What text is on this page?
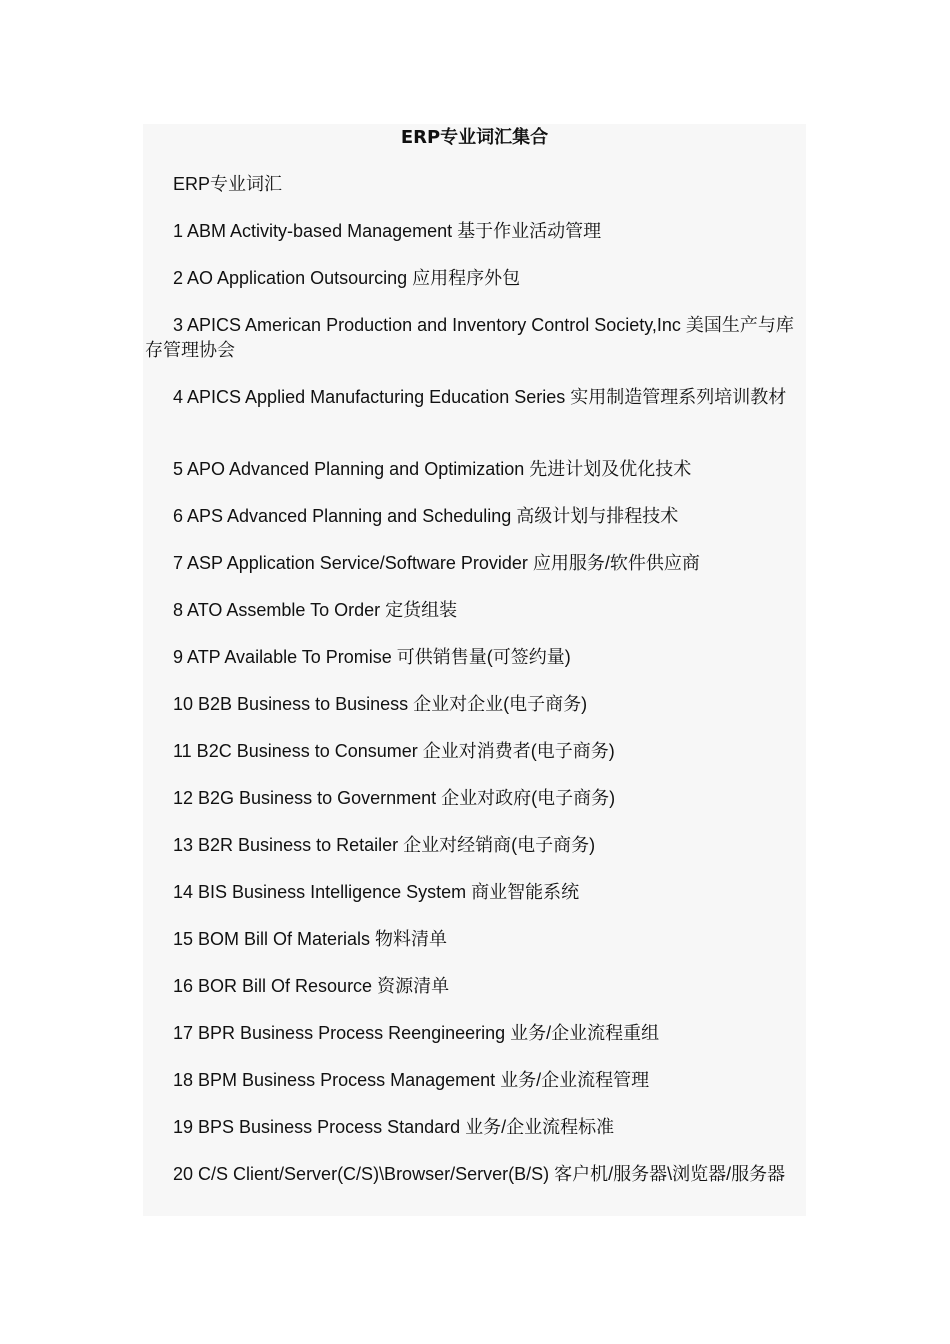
ERP专业词汇集合

ERP专业词汇

1 ABM Activity-based Management 基于作业活动管理

2 AO Application Outsourcing 应用程序外包

3 APICS American Production and Inventory Control Society,Inc 美国生产与库存管理协会

4 APICS Applied Manufacturing Education Series 实用制造管理系列培训教材

5 APO Advanced Planning and Optimization 先进计划及优化技术

6 APS Advanced Planning and Scheduling 高级计划与排程技术

7 ASP Application Service/Software Provider 应用服务/软件供应商

8 ATO Assemble To Order 定货组装

9 ATP Available To Promise 可供销售量(可签约量)

10 B2B Business to Business 企业对企业(电子商务)

11 B2C Business to Consumer 企业对消费者(电子商务)

12 B2G Business to Government 企业对政府(电子商务)

13 B2R Business to Retailer 企业对经销商(电子商务)

14 BIS Business Intelligence System 商业智能系统

15 BOM Bill Of Materials 物料清单

16 BOR Bill Of Resource 资源清单

17 BPR Business Process Reengineering 业务/企业流程重组

18 BPM Business Process Management 业务/企业流程管理

19 BPS Business Process Standard 业务/企业流程标准

20 C/S Client/Server(C/S)\Browser/Server(B/S) 客户机/服务器\浏览器/服务器
